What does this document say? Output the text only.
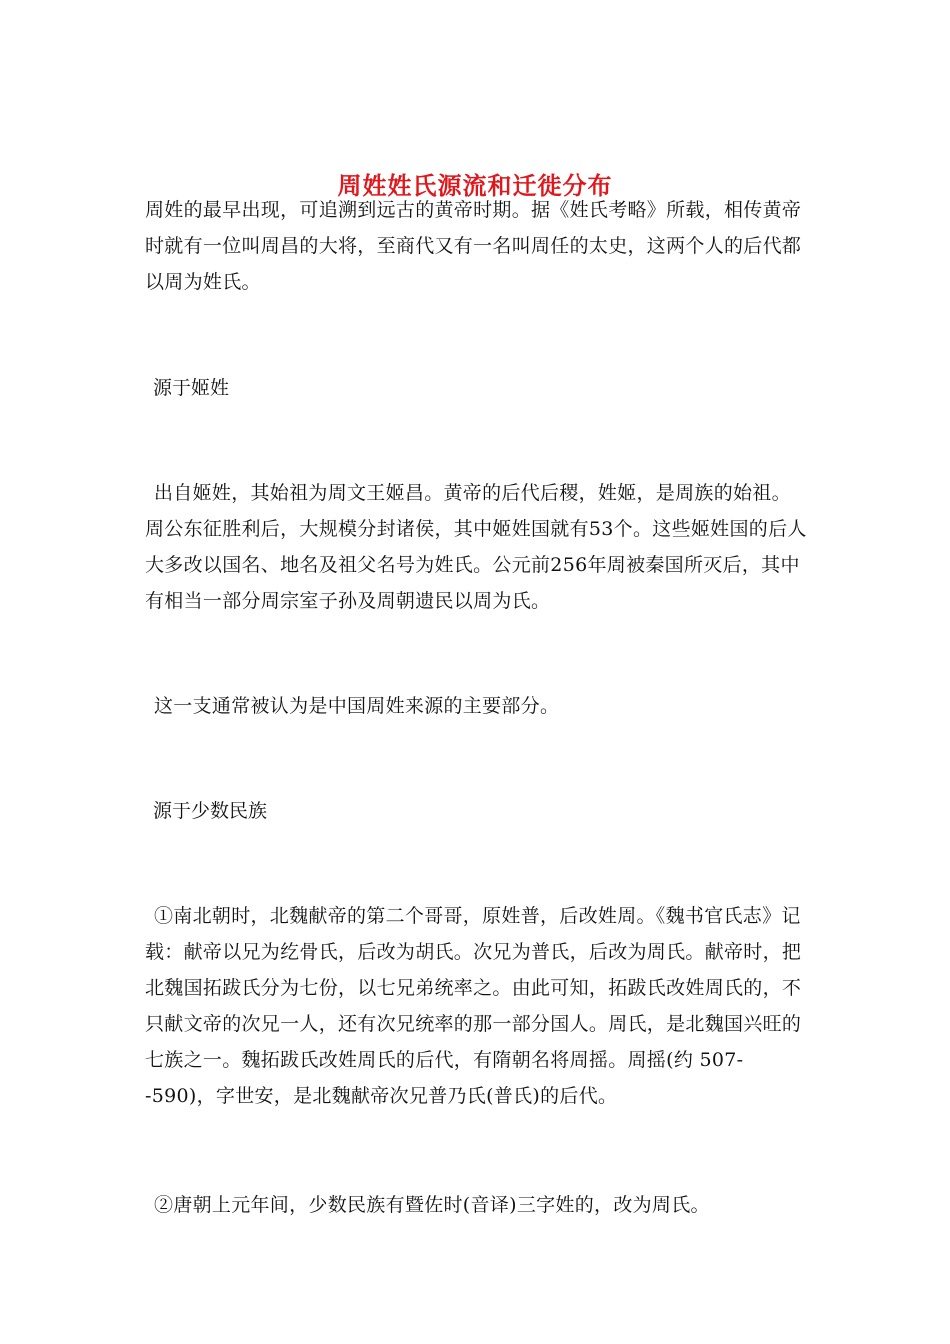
周姓姓氏源流和迁徙分布

周姓的最早出现，可追溯到远古的黄帝时期。据《姓氏考略》所载，相传黄帝时就有一位叫周昌的大将，至商代又有一名叫周任的太史，这两个人的后代都以周为姓氏。

源于姬姓

出自姬姓，其始祖为周文王姬昌。黄帝的后代后稷，姓姬，是周族的始祖。周公东征胜利后，大规模分封诸侯，其中姬姓国就有53个。这些姬姓国的后人大多改以国名、地名及祖父名号为姓氏。公元前256年周被秦国所灭后，其中有相当一部分周宗室子孙及周朝遗民以周为氏。

这一支通常被认为是中国周姓来源的主要部分。

源于少数民族

①南北朝时，北魏献帝的第二个哥哥，原姓普，后改姓周。《魏书官氏志》记载：献帝以兄为纥骨氏，后改为胡氏。次兄为普氏，后改为周氏。献帝时，把北魏国拓跋氏分为七份，以七兄弟统率之。由此可知，拓跋氏改姓周氏的，不只献文帝的次兄一人，还有次兄统率的那一部分国人。周氏，是北魏国兴旺的七族之一。魏拓跋氏改姓周氏的后代，有隋朝名将周摇。周摇(约 507--590)，字世安，是北魏献帝次兄普乃氏(普氏)的后代。

②唐朝上元年间，少数民族有暨佐时(音译)三字姓的，改为周氏。
